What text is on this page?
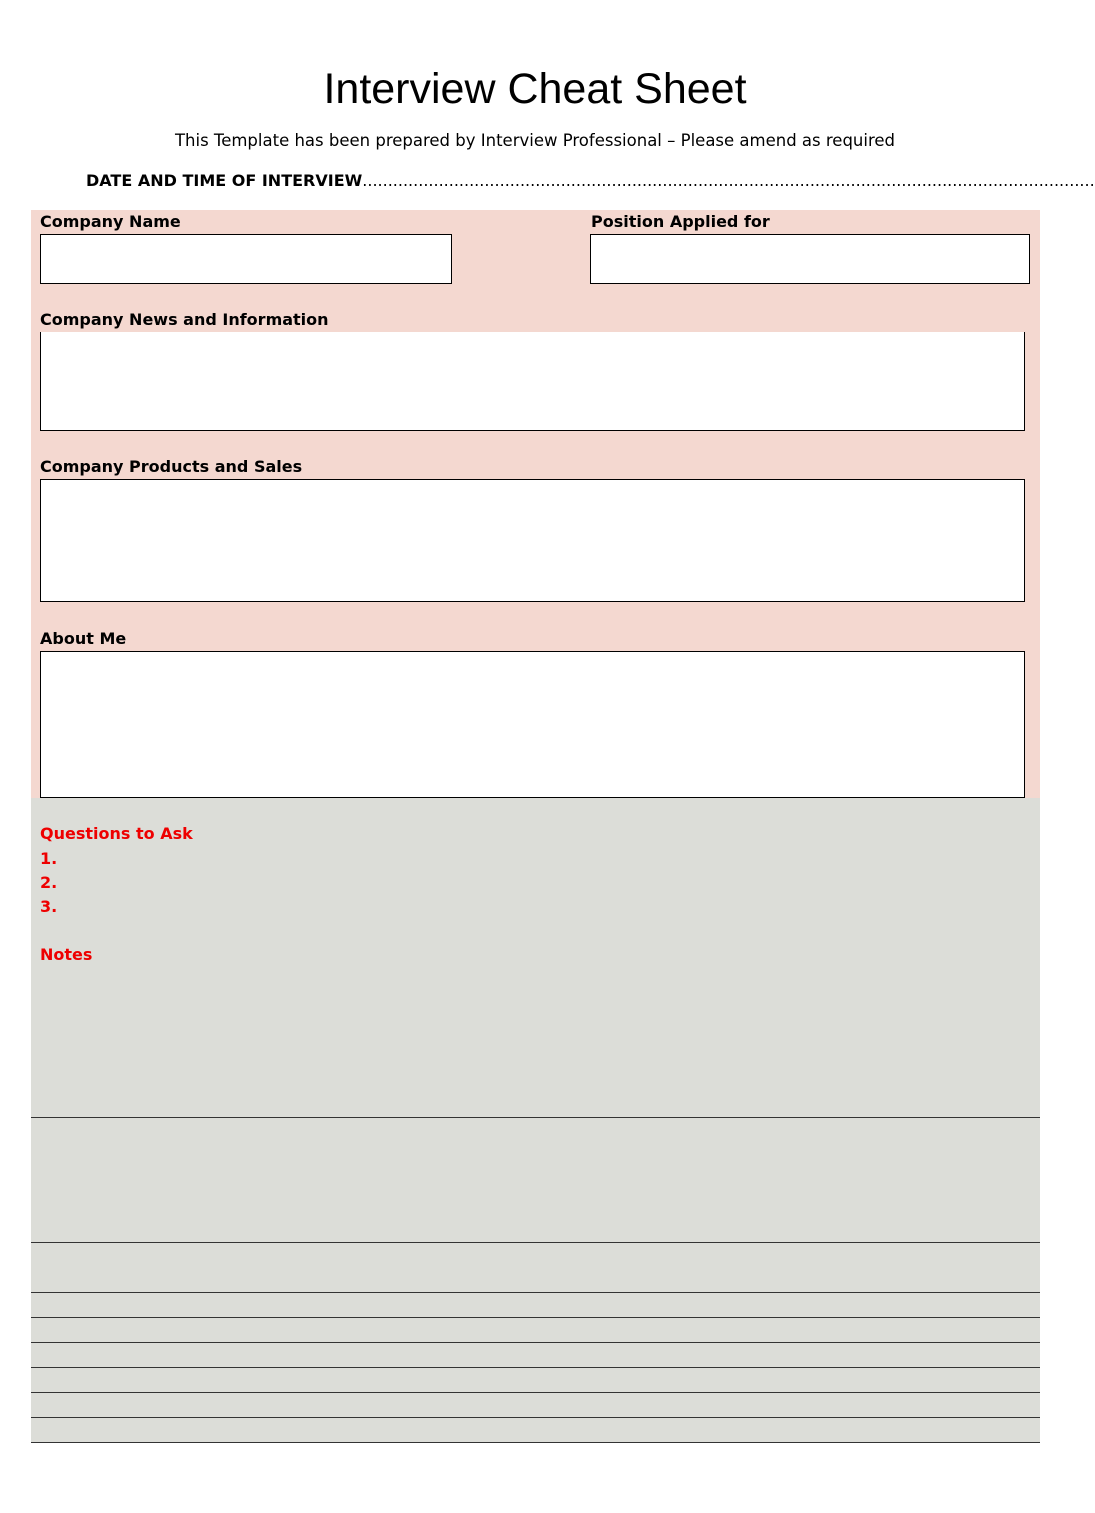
Interview Cheat Sheet
This Template has been prepared by Interview Professional – Please amend as required
DATE AND TIME OF INTERVIEW................................................................................................................................................
Company Name	Position Applied for
Company News and Information
Company Products and Sales
About Me
Questions to Ask
1.
2.
3.
Notes
